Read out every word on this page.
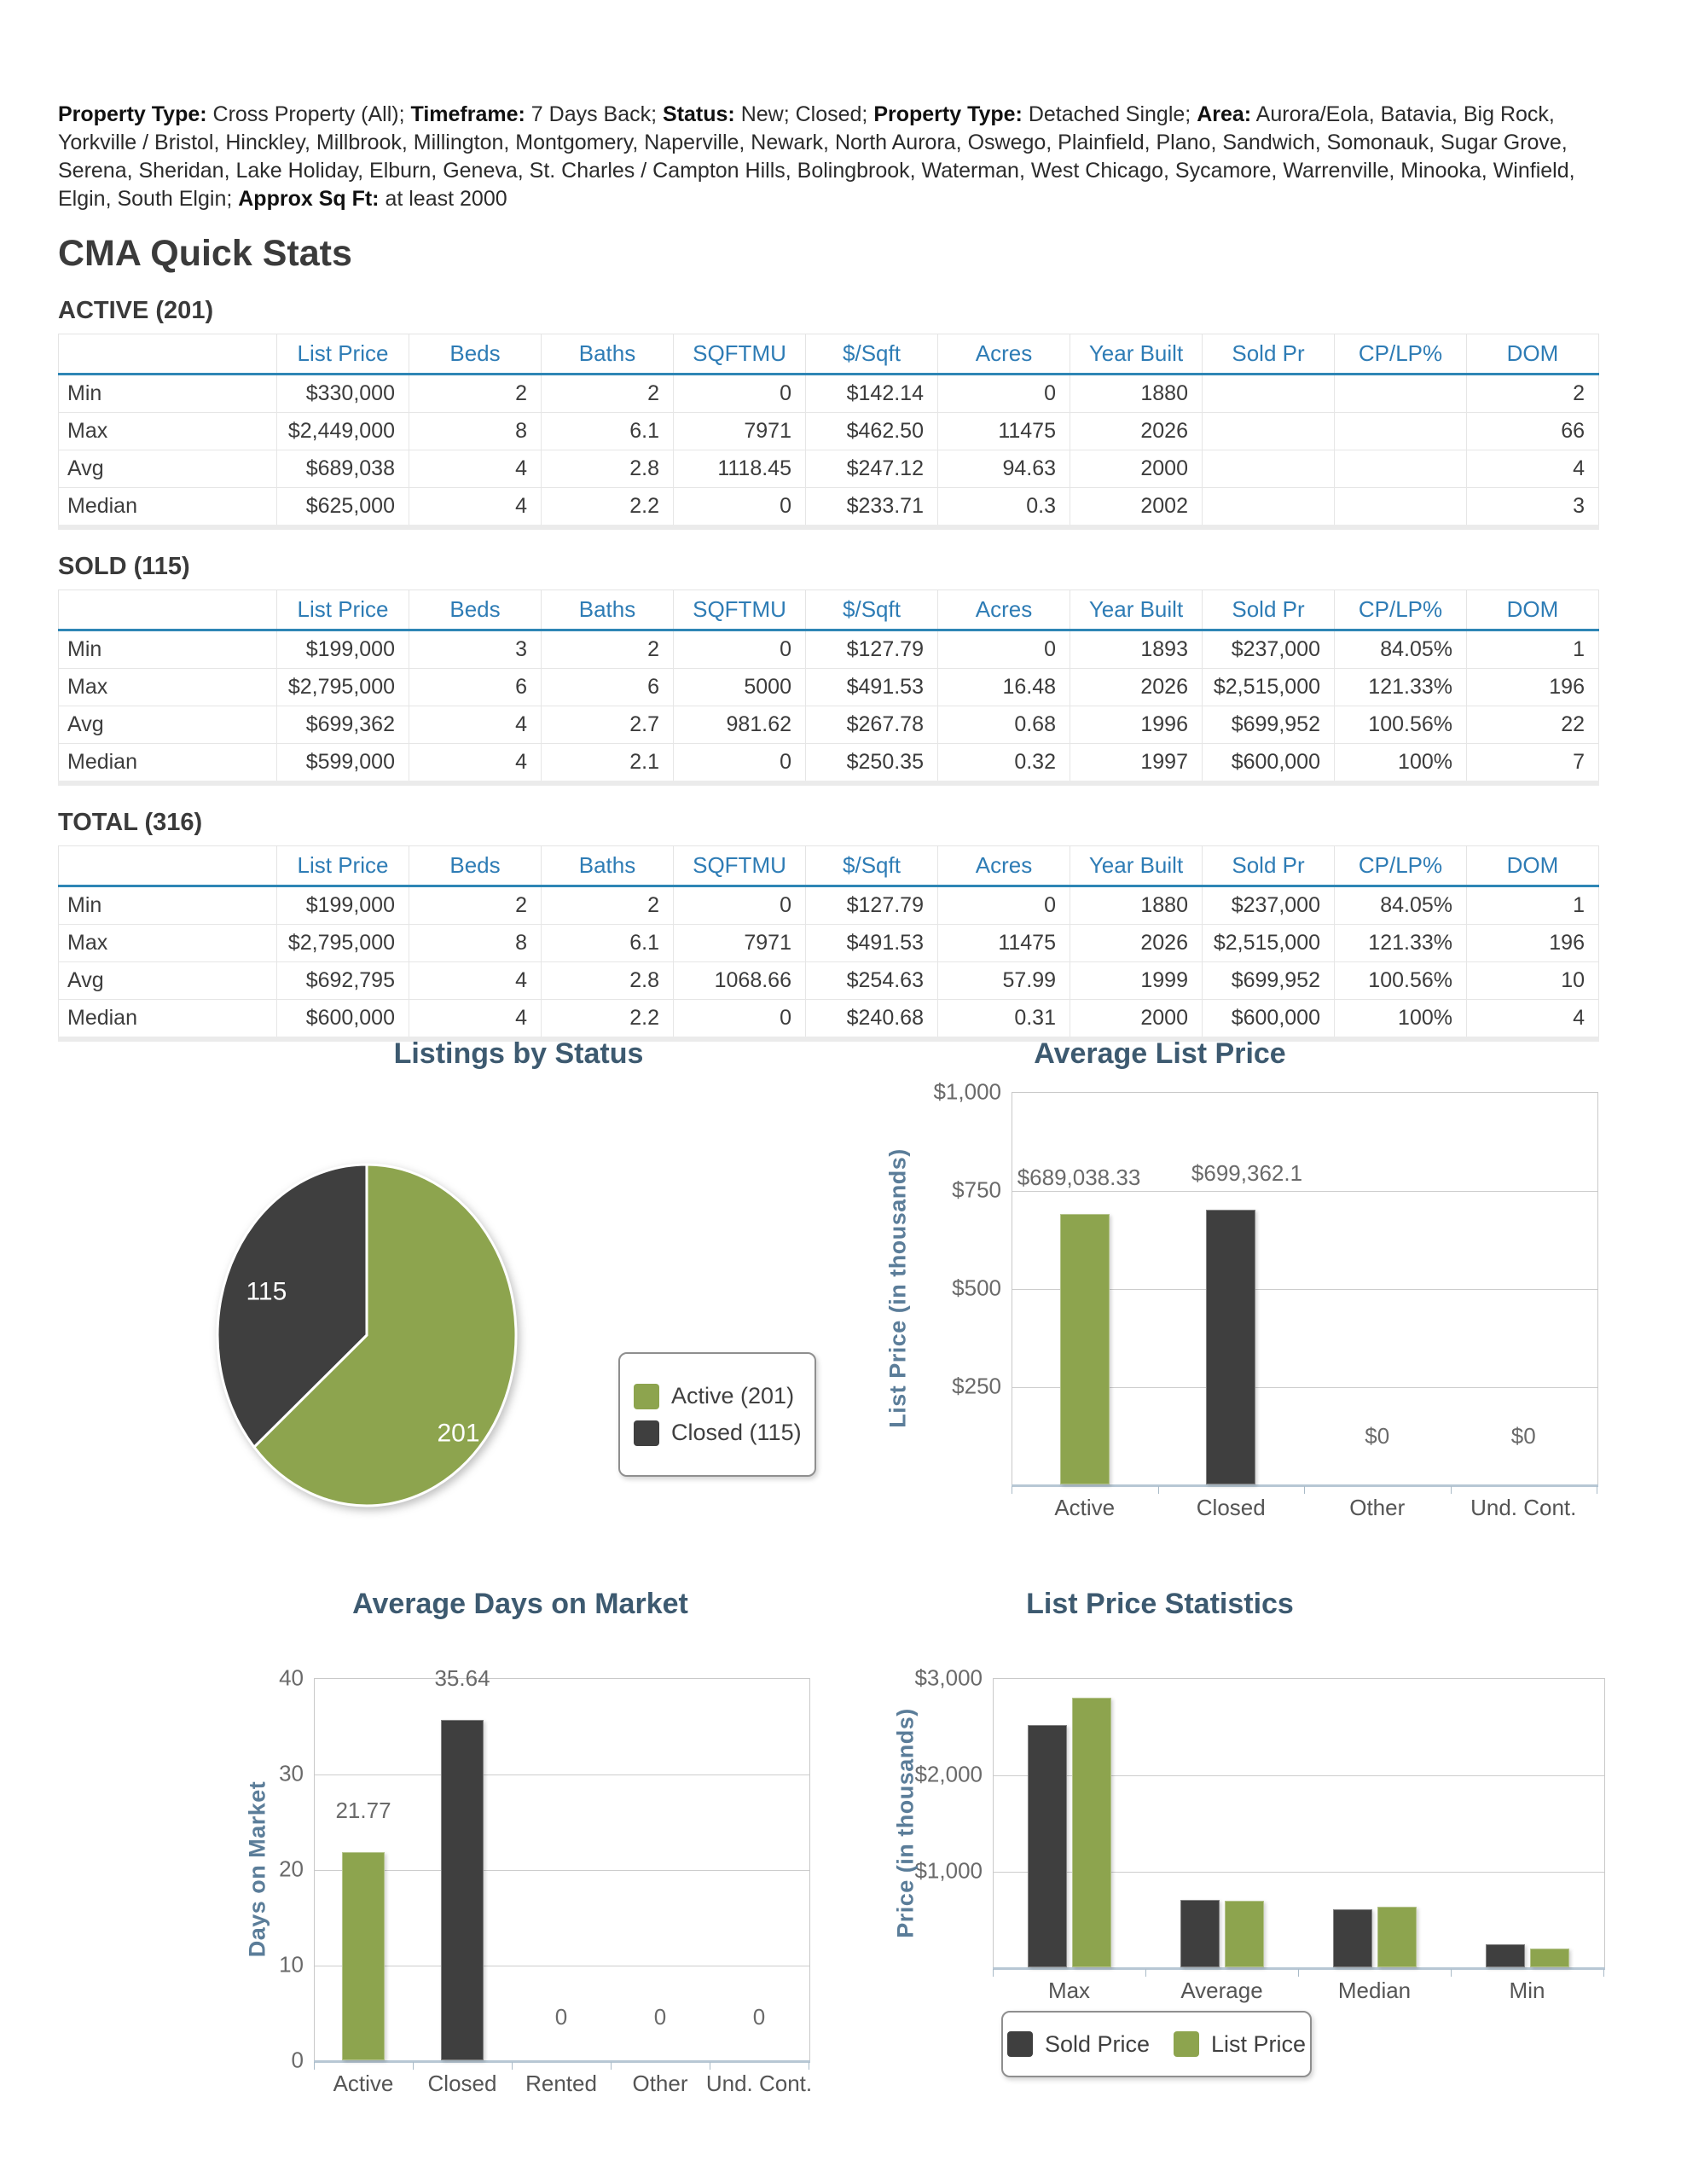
Property Type: Cross Property (All); Timeframe: 7 Days Back; Status: New; Closed; Property Type: Detached Single; Area: Aurora/Eola, Batavia, Big Rock, Yorkville / Bristol, Hinckley, Millbrook, Millington, Montgomery, Naperville, Newark, North Aurora, Oswego, Plainfield, Plano, Sandwich, Somonauk, Sugar Grove, Serena, Sheridan, Lake Holiday, Elburn, Geneva, St. Charles / Campton Hills, Bolingbrook, Waterman, West Chicago, Sycamore, Warrenville, Minooka, Winfield, Elgin, South Elgin; Approx Sq Ft: at least 2000
CMA Quick Stats
ACTIVE (201)
	List Price	Beds	Baths	SQFTMU	$/Sqft	Acres	Year Built	Sold Pr	CP/LP%	DOM
Min	$330,000	2	2	0	$142.14	0	1880			2
Max	$2,449,000	8	6.1	7971	$462.50	11475	2026			66
Avg	$689,038	4	2.8	1118.45	$247.12	94.63	2000			4
Median	$625,000	4	2.2	0	$233.71	0.3	2002			3
SOLD (115)
	List Price	Beds	Baths	SQFTMU	$/Sqft	Acres	Year Built	Sold Pr	CP/LP%	DOM
Min	$199,000	3	2	0	$127.79	0	1893	$237,000	84.05%	1
Max	$2,795,000	6	6	5000	$491.53	16.48	2026	$2,515,000	121.33%	196
Avg	$699,362	4	2.7	981.62	$267.78	0.68	1996	$699,952	100.56%	22
Median	$599,000	4	2.1	0	$250.35	0.32	1997	$600,000	100%	7
TOTAL (316)
	List Price	Beds	Baths	SQFTMU	$/Sqft	Acres	Year Built	Sold Pr	CP/LP%	DOM
Min	$199,000	2	2	0	$127.79	0	1880	$237,000	84.05%	1
Max	$2,795,000	8	6.1	7971	$491.53	11475	2026	$2,515,000	121.33%	196
Avg	$692,795	4	2.8	1068.66	$254.63	57.99	1999	$699,952	100.56%	10
Median	$600,000	4	2.2	0	$240.68	0.31	2000	$600,000	100%	4
Listings by Status
201
115
Active (201)
Closed (115)
Average List Price
$1,000
$750
$500
$250
Active	Closed	Other	Und. Cont.
List Price (in thousands)	$689,038.33 $699,362.1
$0	$0
Average Days on Market
40
30
20
10
0
Active	Closed	Rented	Other Und. Cont.
Days on Market	21.77
35.64
0	0	0
List Price Statistics
$3,000
$2,000
$1,000
Max	Average	Median	Min
Price (in thousands)
Sold Price	List Price
